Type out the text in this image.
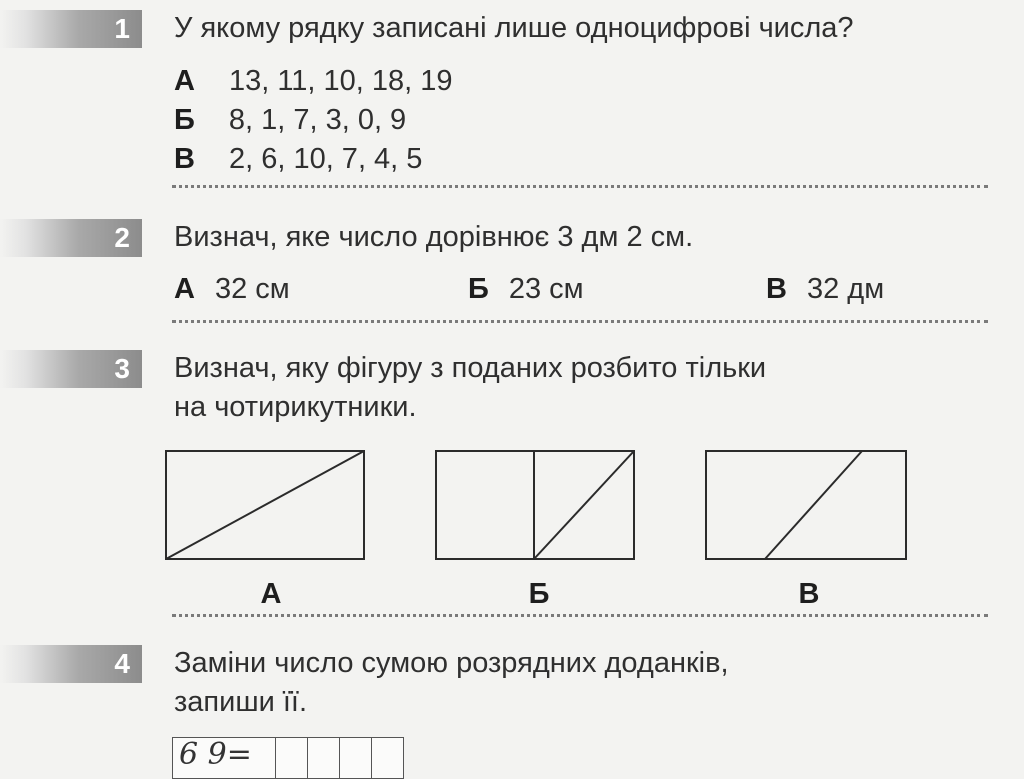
1 У якому рядку записані лише одноцифрові числа?
А 13, 11, 10, 18, 19
Б 8, 1, 7, 3, 0, 9
В 2, 6, 10, 7, 4, 5
2 Визнач, яке число дорівнює 3 дм 2 см.
А 32 см	Б 23 см	В 32 дм
3 Визнач, яку фігуру з поданих розбито тільки
на чотирикутники.
А	Б	В
4 Заміни число сумою розрядних доданків,
запиши її.
6 9=
